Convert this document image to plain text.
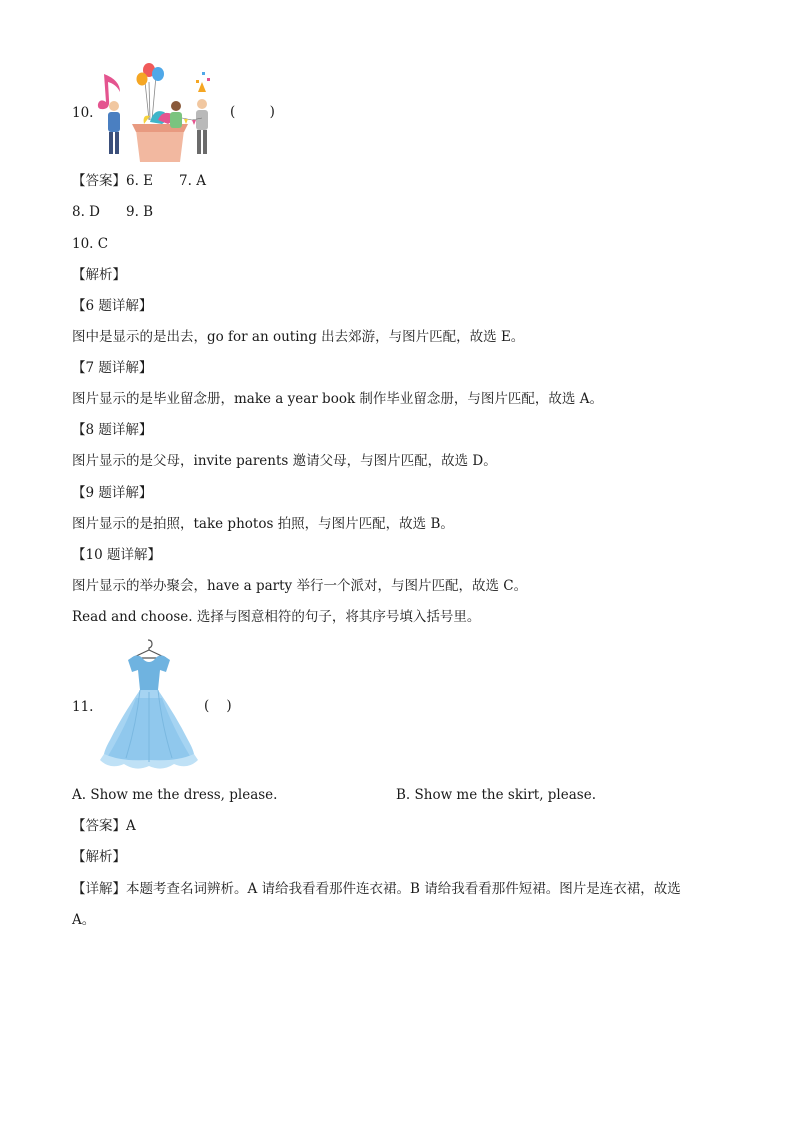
10.	(        )
【答案】6. E 7. A
8. D 9. B
10. C
【解析】
【6 题详解】
图中是显示的是出去，go for an outing 出去郊游，与图片匹配，故选 E。
【7 题详解】
图片显示的是毕业留念册，make a year book 制作毕业留念册，与图片匹配，故选 A。
【8 题详解】
图片显示的是父母，invite parents 邀请父母，与图片匹配，故选 D。
【9 题详解】
图片显示的是拍照，take photos 拍照，与图片匹配，故选 B。
【10 题详解】
图片显示的举办聚会，have a party 举行一个派对，与图片匹配，故选 C。
Read and choose. 选择与图意相符的句子，将其序号填入括号里。
11.	(    )
A. Show me the dress, please.	B. Show me the skirt, please.
【答案】A
【解析】
【详解】本题考查名词辨析。A 请给我看看那件连衣裙。B 请给我看看那件短裙。图片是连衣裙，故选
A。
